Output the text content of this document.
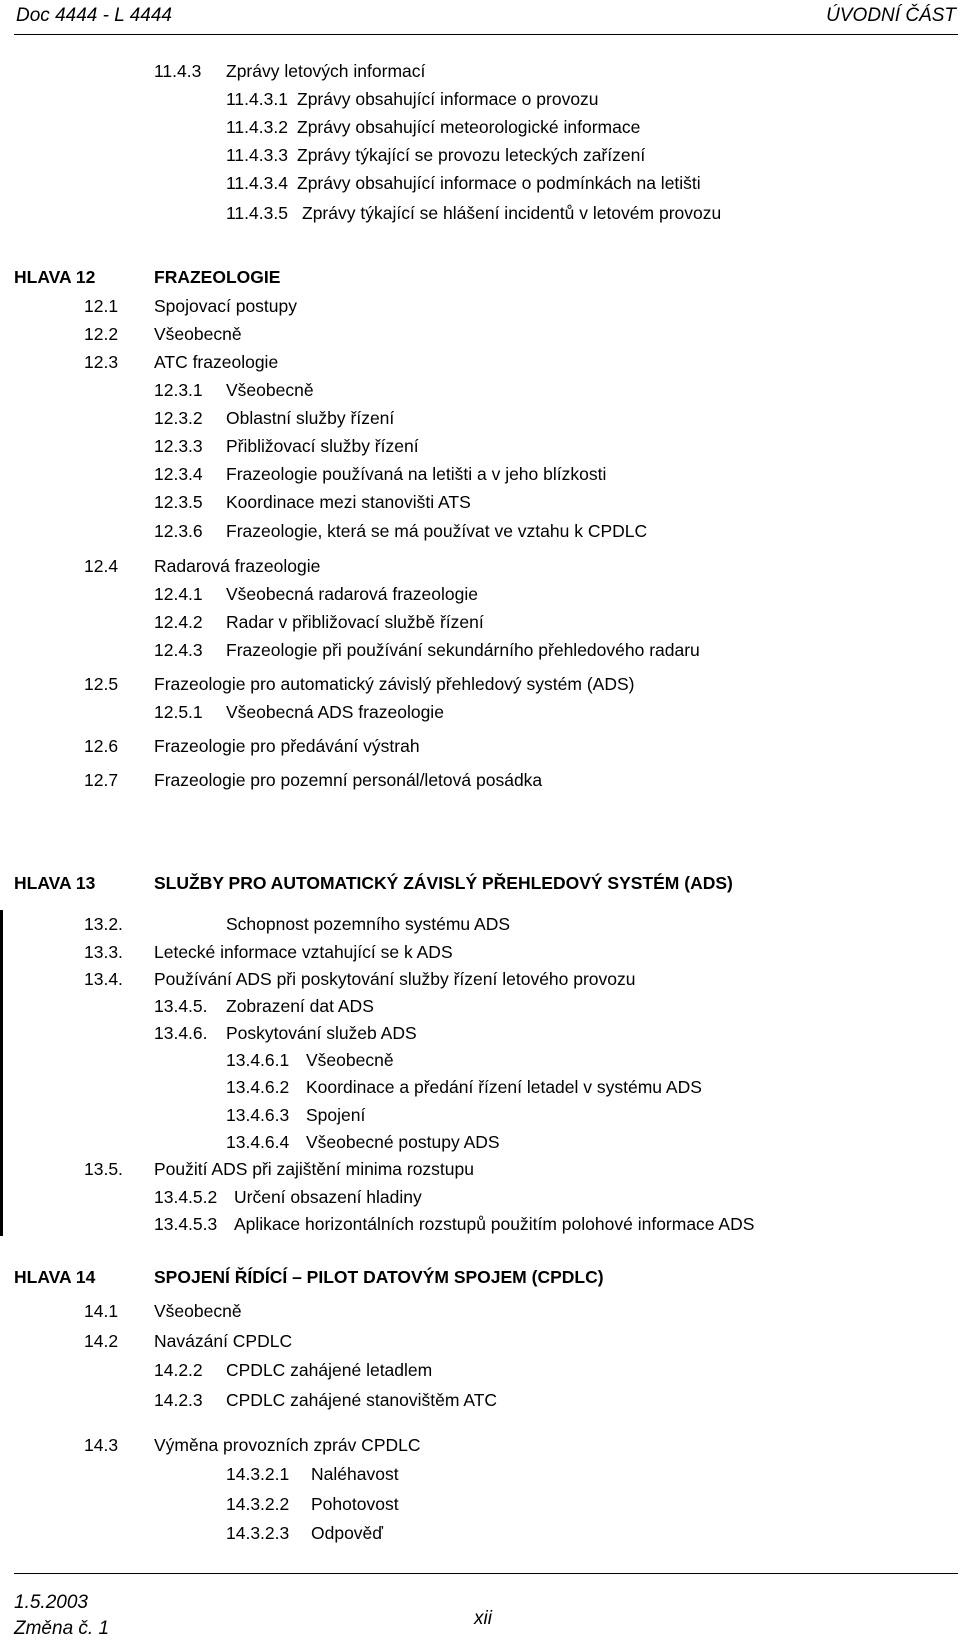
Doc 4444 - L 4444	ÚVODNÍ ČÁST
11.4.3 Zprávy letových informací
11.4.3.1 Zprávy obsahující informace o provozu
11.4.3.2 Zprávy obsahující meteorologické informace
11.4.3.3 Zprávy týkající se provozu leteckých zařízení
11.4.3.4 Zprávy obsahující informace o podmínkách na letišti
11.4.3.5 Zprávy týkající se hlášení incidentů v letovém provozu
HLAVA 12	FRAZEOLOGIE
12.1 Spojovací postupy
12.2 Všeobecně
12.3 ATC frazeologie
12.3.1 Všeobecně
12.3.2 Oblastní služby řízení
12.3.3 Přibližovací služby řízení
12.3.4 Frazeologie používaná na letišti a v jeho blízkosti
12.3.5 Koordinace mezi stanovišti ATS
12.3.6 Frazeologie, která se má používat ve vztahu k CPDLC
12.4 Radarová frazeologie
12.4.1 Všeobecná radarová frazeologie
12.4.2 Radar v přibližovací službě řízení
12.4.3 Frazeologie při používání sekundárního přehledového radaru
12.5 Frazeologie pro automatický závislý přehledový systém (ADS)
12.5.1 Všeobecná ADS frazeologie
12.6 Frazeologie pro předávání výstrah
12.7 Frazeologie pro pozemní personál/letová posádka
HLAVA 13	SLUŽBY PRO AUTOMATICKÝ ZÁVISLÝ PŘEHLEDOVÝ SYSTÉM (ADS)
13.2.	Schopnost pozemního systému ADS
13.3. Letecké informace vztahující se k ADS
13.4. Používání ADS při poskytování služby řízení letového provozu
13.4.5. Zobrazení dat ADS
13.4.6. Poskytování služeb ADS
13.4.6.1 Všeobecně
13.4.6.2 Koordinace a předání řízení letadel v systému ADS
13.4.6.3 Spojení
13.4.6.4 Všeobecné postupy ADS
13.5. Použití ADS při zajištění minima rozstupu
13.4.5.2 Určení obsazení hladiny
13.4.5.3 Aplikace horizontálních rozstupů použitím polohové informace ADS
HLAVA 14	SPOJENÍ ŘÍDÍCÍ – PILOT DATOVÝM SPOJEM (CPDLC)
14.1 Všeobecně
14.2 Navázání CPDLC
14.2.2 CPDLC zahájené letadlem
14.2.3 CPDLC zahájené stanovištěm ATC
14.3 Výměna provozních zpráv CPDLC
14.3.2.1 Naléhavost
14.3.2.2 Pohotovost
14.3.2.3 Odpověď
1.5.2003
Změna č. 1	xii
